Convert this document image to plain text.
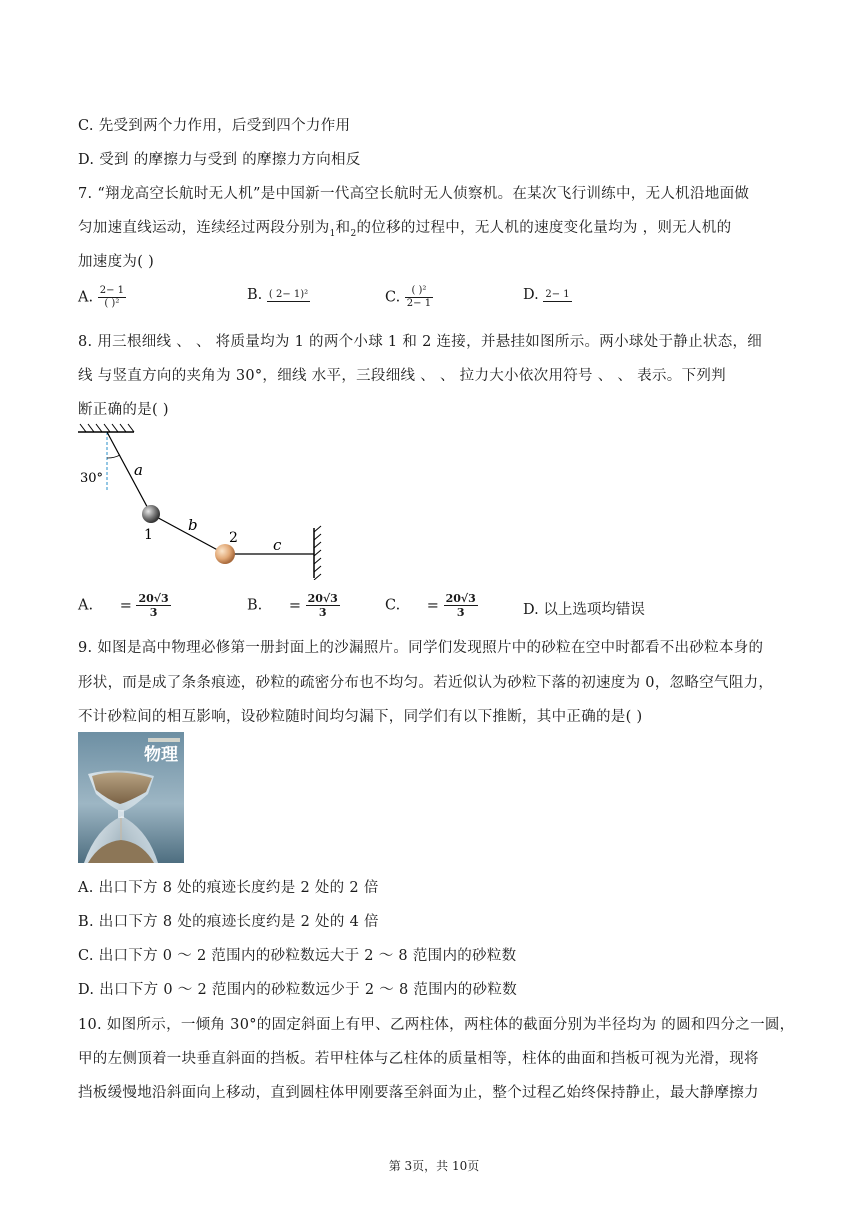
C. 先受到两个力作用，后受到四个力作用
D. 受到 的摩擦力与受到 的摩擦力方向相反
7. “翔龙高空长航时无人机”是中国新一代高空长航时无人侦察机。在某次飞行训练中，无人机沿地面做
匀加速直线运动，连续经过两段分别为$_1$和$_2$的位移的过程中，无人机的速度变化量均为 ，则无人机的
加速度为( )
A. $\frac{2- 1}{\text{( )²}}$	B. ( 2− 1)²	C. $\frac{\text{( )²}}{2- 1}$	D. 2− 1
8. 用三根细线 、 、 将质量均为 1 的两个小球 1 和 2 连接，并悬挂如图所示。两小球处于静止状态，细
线 与竖直方向的夹角为 30°，细线 水平，三段细线 、 、 拉力大小依次用符号 、 、 表示。下列判
断正确的是( )
30° a
b
c
1	2
A. = $\frac{20√3}{3}$	B. = $\frac{20√3}{3}$	C. = $\frac{20√3}{3}$	D. 以上选项均错误
9. 如图是高中物理必修第一册封面上的沙漏照片。同学们发现照片中的砂粒在空中时都看不出砂粒本身的
形状，而是成了条条痕迹，砂粒的疏密分布也不均匀。若近似认为砂粒下落的初速度为 0，忽略空气阻力，
不计砂粒间的相互影响，设砂粒随时间均匀漏下，同学们有以下推断，其中正确的是( )
物理
A. 出口下方 8 处的痕迹长度约是 2 处的 2 倍
B. 出口下方 8 处的痕迹长度约是 2 处的 4 倍
C. 出口下方 0 ～ 2 范围内的砂粒数远大于 2 ～ 8 范围内的砂粒数
D. 出口下方 0 ～ 2 范围内的砂粒数远少于 2 ～ 8 范围内的砂粒数
10. 如图所示，一倾角 30°的固定斜面上有甲、乙两柱体，两柱体的截面分别为半径均为 的圆和四分之一圆，
甲的左侧顶着一块垂直斜面的挡板。若甲柱体与乙柱体的质量相等，柱体的曲面和挡板可视为光滑，现将
挡板缓慢地沿斜面向上移动，直到圆柱体甲刚要落至斜面为止，整个过程乙始终保持静止，最大静摩擦力
第 3页，共 10页
